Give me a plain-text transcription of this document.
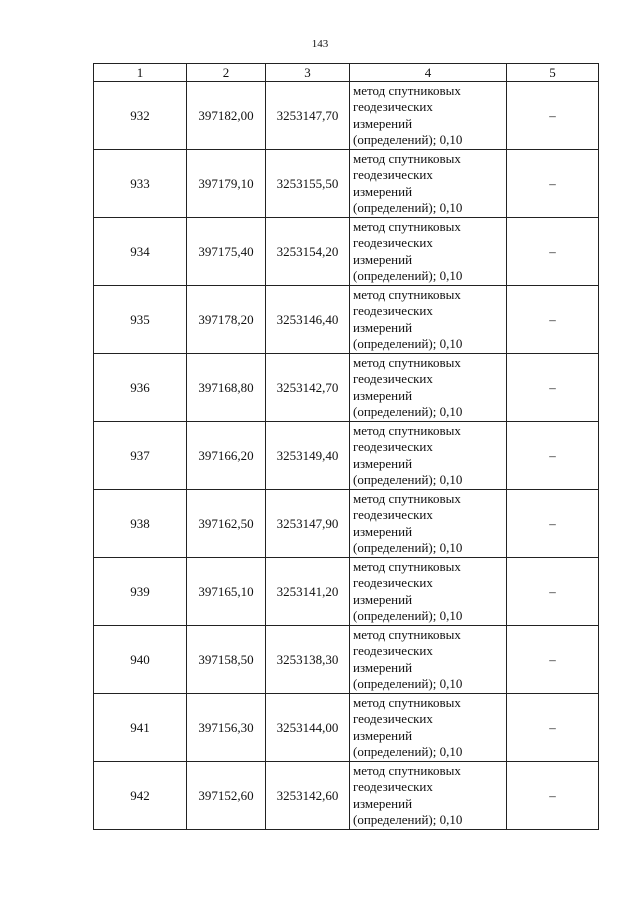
143
1	2	3	4	5
932	397182,00	3253147,70	метод спутниковых
геодезических
измерений
(определений); 0,10	–
933	397179,10	3253155,50	метод спутниковых
геодезических
измерений
(определений); 0,10	–
934	397175,40	3253154,20	метод спутниковых
геодезических
измерений
(определений); 0,10	–
935	397178,20	3253146,40	метод спутниковых
геодезических
измерений
(определений); 0,10	–
936	397168,80	3253142,70	метод спутниковых
геодезических
измерений
(определений); 0,10	–
937	397166,20	3253149,40	метод спутниковых
геодезических
измерений
(определений); 0,10	–
938	397162,50	3253147,90	метод спутниковых
геодезических
измерений
(определений); 0,10	–
939	397165,10	3253141,20	метод спутниковых
геодезических
измерений
(определений); 0,10	–
940	397158,50	3253138,30	метод спутниковых
геодезических
измерений
(определений); 0,10	–
941	397156,30	3253144,00	метод спутниковых
геодезических
измерений
(определений); 0,10	–
942	397152,60	3253142,60	метод спутниковых
геодезических
измерений
(определений); 0,10	–
